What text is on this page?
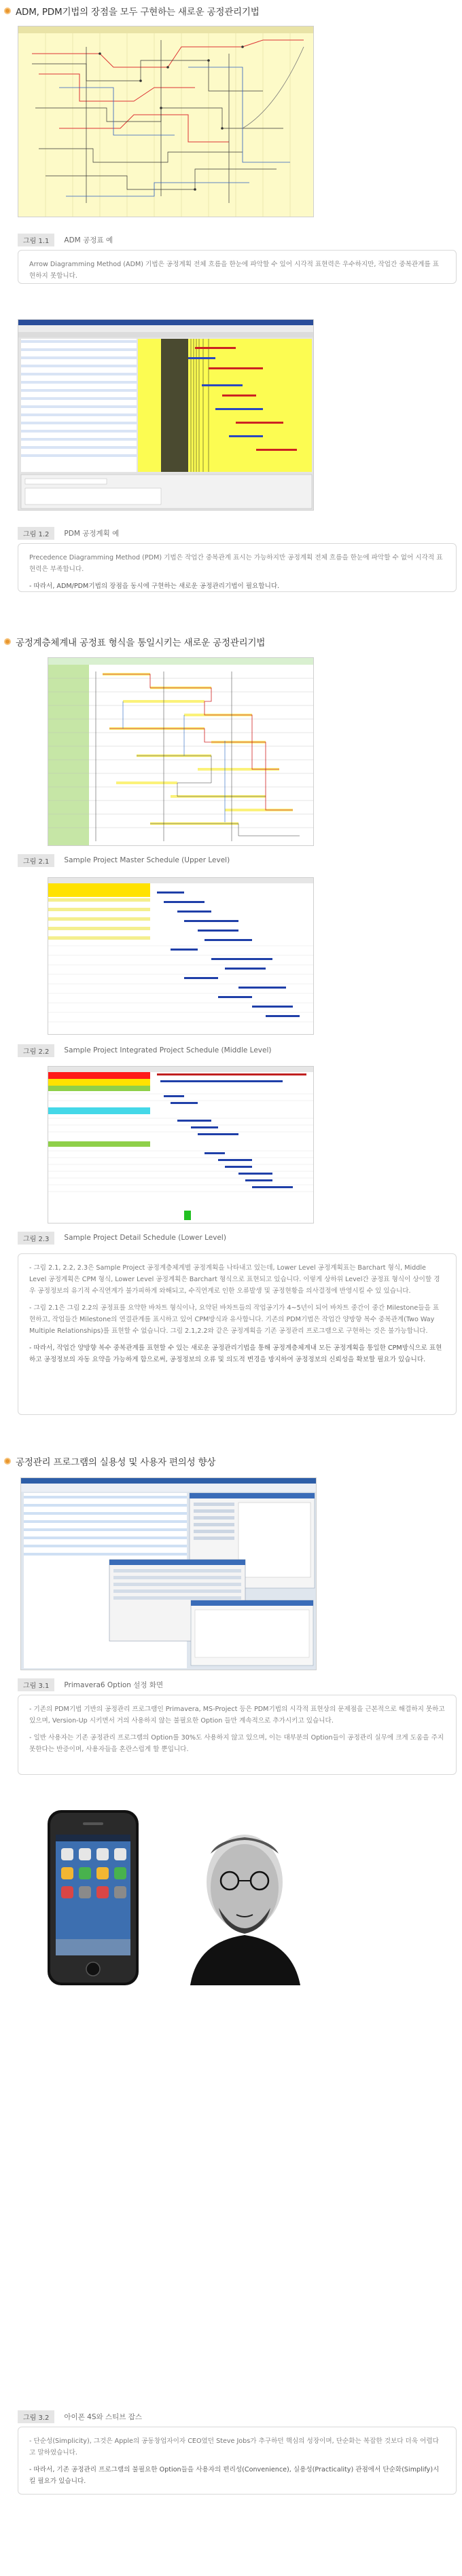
ADM, PDM기법의 장점을 모두 구현하는 새로운 공정관리기법
그림 1.1	ADM 공정표 예

Arrow Diagramming Method (ADM) 기법은 공정계획 전체 흐름을 한눈에 파악할 수 있어 시각적 표현력은 우수하지만, 작업간 중복관계를 표현하지 못합니다.

그림 1.2	PDM 공정계획 예

Precedence Diagramming Method (PDM) 기법은 작업간 중복관계 표시는 가능하지만 공정계획 전체 흐름을 한눈에 파악할 수 없어 시각적 표현력은 부족합니다.

- 따라서, ADM/PDM기법의 장점을 동시에 구현하는 새로운 공정관리기법이 필요합니다.

공정계층체계내 공정표 형식을 통일시키는 새로운 공정관리기법
그림 2.1	Sample Project Master Schedule (Upper Level)
그림 2.2	Sample Project Integrated Project Schedule (Middle Level)
그림 2.3	Sample Project Detail Schedule (Lower Level)

- 그림 2.1, 2.2, 2.3은 Sample Project 공정계층체계별 공정계획을 나타내고 있는데, Lower Level 공정계획표는 Barchart 형식, Middle Level 공정계획은 CPM 형식, Lower Level 공정계획은 Barchart 형식으로 표현되고 있습니다. 이렇게 상하위 Level간 공정표 형식이 상이할 경우 공정정보의 유기적 수직연계가 불가피하게 와해되고, 수직연계로 인한 오류발생 및 공정현황을 의사결정에 반영시킬 수 있 있습니다.

- 그림 2.1은 그림 2.2의 공정표를 요약한 바차트 형식이나, 요약된 바차트들의 작업공기가 4~5년이 되어 바차트 중간이 중간 Milestone들을 표현하고, 작업들간 Milestone의 연결관계를 표시하고 있어 CPM방식과 유사합니다. 기존의 PDM기법은 작업간 양방향 복수 중복관계(Two Way Multiple Relationships)를 표현할 수 없습니다. 그림 2.1,2.2와 같은 공정계획을 기존 공정관리 프로그램으로 구현하는 것은 불가능합니다.

- 따라서, 작업간 양방향 복수 중복관계를 표현할 수 있는 새로운 공정관리기법을 통해 공정계층체계내 모든 공정계획을 통일한 CPM방식으로 표현하고 공정정보의 자동 요약을 가능하게 함으로써, 공정정보의 오류 및 의도적 변경을 방지하여 공정정보의 신뢰성을 확보할 필요가 있습니다.

공정관리 프로그램의 실용성 및 사용자 편의성 향상
그림 3.1	Primavera6 Option 설정 화면

- 기존의 PDM기법 기반의 공정관리 프로그램인 Primavera, MS-Project 등은 PDM기법의 시각적 표현상의 문제점을 근본적으로 해결하지 못하고 있으며, Version-Up 시키면서 거의 사용하지 않는 불필요한 Option 들만 계속적으로 추가시키고 있습니다.

- 일반 사용자는 기존 공정관리 프로그램의 Option를 30%도 사용하지 않고 있으며, 이는 대부분의 Option들이 공정관리 실무에 크게 도움을 주지 못한다는 반증이며, 사용자들을 혼란스럽게 할 뿐입니다.

그림 3.2	아이폰 4S와 스티브 잡스

- 단순성(Simplicity), 그것은 Apple의 공동창업자이자 CEO였던 Steve Jobs가 추구하던 핵심의 성장이며, 단순화는 복잡한 것보다 더욱 어렵다고 말하였습니다.

- 따라서, 기존 공정관리 프로그램의 불필요한 Option들을 사용자의 편리성(Convenience), 실용성(Practicality) 관점에서 단순화(Simplify)시킬 필요가 있습니다.
